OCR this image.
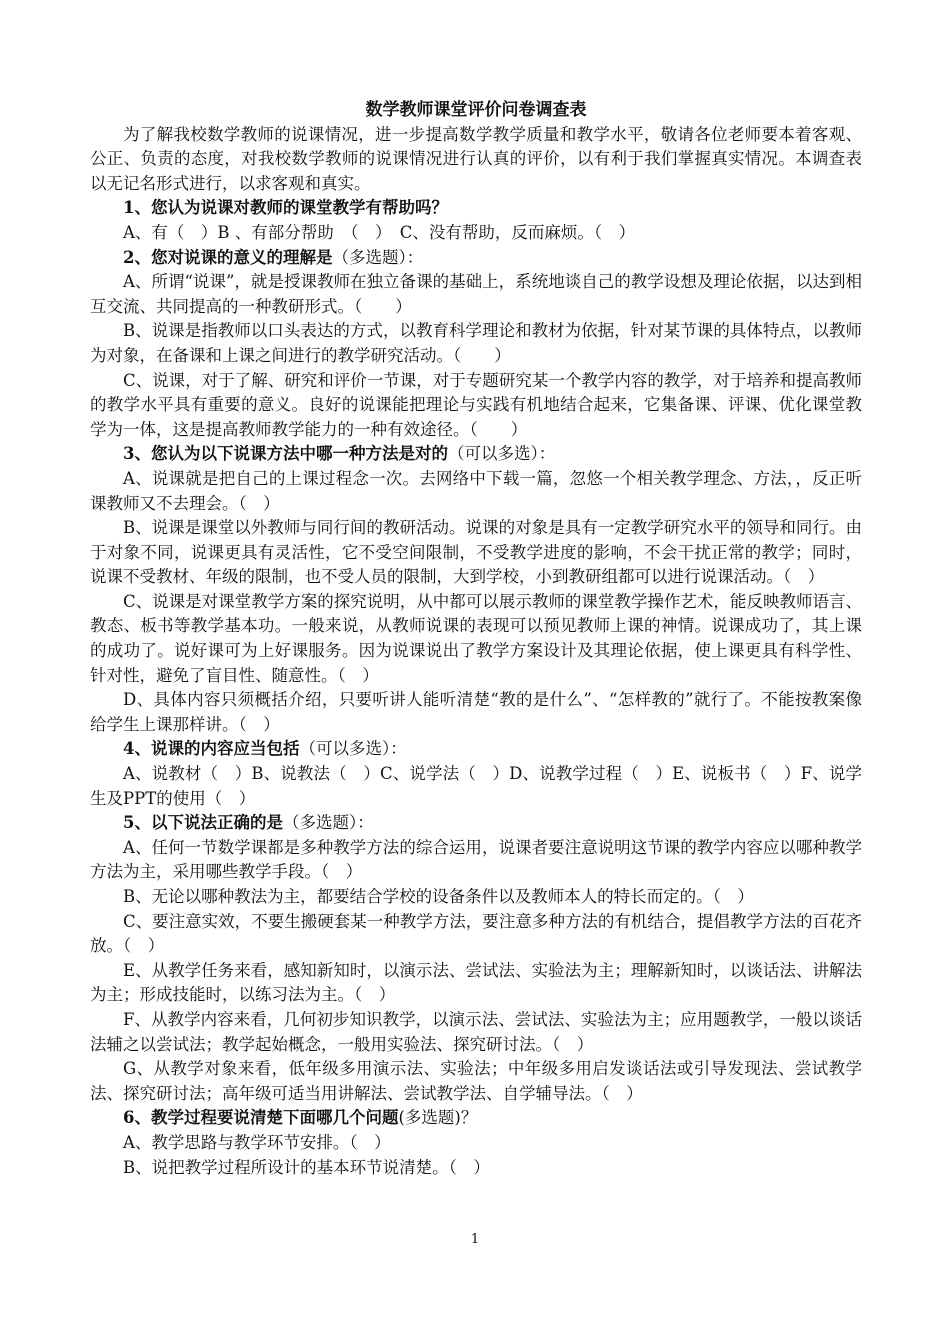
数学教师课堂评价问卷调查表

为了解我校数学教师的说课情况，进一步提高数学教学质量和教学水平，敬请各位老师要本着客观、公正、负责的态度，对我校数学教师的说课情况进行认真的评价，以有利于我们掌握真实情况。本调查表以无记名形式进行，以求客观和真实。

1、您认为说课对教师的课堂教学有帮助吗？

A、有（　）B 、有部分帮助　（　）　C、没有帮助，反而麻烦。（　）

2、您对说课的意义的理解是（多选题）：

A、所谓“说课”，就是授课教师在独立备课的基础上，系统地谈自己的教学设想及理论依据，以达到相互交流、共同提高的一种教研形式。（　　）

B、说课是指教师以口头表达的方式，以教育科学理论和教材为依据，针对某节课的具体特点，以教师为对象，在备课和上课之间进行的教学研究活动。（　　）

C、说课，对于了解、研究和评价一节课，对于专题研究某一个教学内容的教学，对于培养和提高教师的教学水平具有重要的意义。良好的说课能把理论与实践有机地结合起来，它集备课、评课、优化课堂教学为一体，这是提高教师教学能力的一种有效途径。（　　）

3、您认为以下说课方法中哪一种方法是对的（可以多选）：

A、说课就是把自己的上课过程念一次。去网络中下载一篇，忽悠一个相关教学理念、方法，，反正听课教师又不去理会。（　）

B、说课是课堂以外教师与同行间的教研活动。说课的对象是具有一定教学研究水平的领导和同行。由于对象不同，说课更具有灵活性，它不受空间限制，不受教学进度的影响，不会干扰正常的教学；同时，说课不受教材、年级的限制，也不受人员的限制，大到学校，小到教研组都可以进行说课活动。（　）

C、说课是对课堂教学方案的探究说明，从中都可以展示教师的课堂教学操作艺术，能反映教师语言、教态、板书等教学基本功。一般来说，从教师说课的表现可以预见教师上课的神情。说课成功了，其上课的成功了。说好课可为上好课服务。因为说课说出了教学方案设计及其理论依据，使上课更具有科学性、针对性，避免了盲目性、随意性。（　）

D、具体内容只须概括介绍，只要听讲人能听清楚“教的是什么”、“怎样教的”就行了。不能按教案像给学生上课那样讲。（　）

4、说课的内容应当包括（可以多选）：

A、说教材（　）B、说教法（　）C、说学法（　）D、说教学过程（　）E、说板书（　）F、说学生及PPT的使用（　）

5、以下说法正确的是（多选题）：

A、任何一节数学课都是多种教学方法的综合运用，说课者要注意说明这节课的教学内容应以哪种教学方法为主，采用哪些教学手段。（　）

B、无论以哪种教法为主，都要结合学校的设备条件以及教师本人的特长而定的。（　）

C、要注意实效，不要生搬硬套某一种教学方法，要注意多种方法的有机结合，提倡教学方法的百花齐放。（　）

E、从教学任务来看，感知新知时，以演示法、尝试法、实验法为主；理解新知时，以谈话法、讲解法为主；形成技能时，以练习法为主。（　）

F、从教学内容来看，几何初步知识教学，以演示法、尝试法、实验法为主；应用题教学，一般以谈话法辅之以尝试法；教学起始概念，一般用实验法、探究研讨法。（　）

G、从教学对象来看，低年级多用演示法、实验法；中年级多用启发谈话法或引导发现法、尝试教学法、探究研讨法；高年级可适当用讲解法、尝试教学法、自学辅导法。（　）

6、教学过程要说清楚下面哪几个问题(多选题)？

A、教学思路与教学环节安排。（　）

B、说把教学过程所设计的基本环节说清楚。（　）

1
